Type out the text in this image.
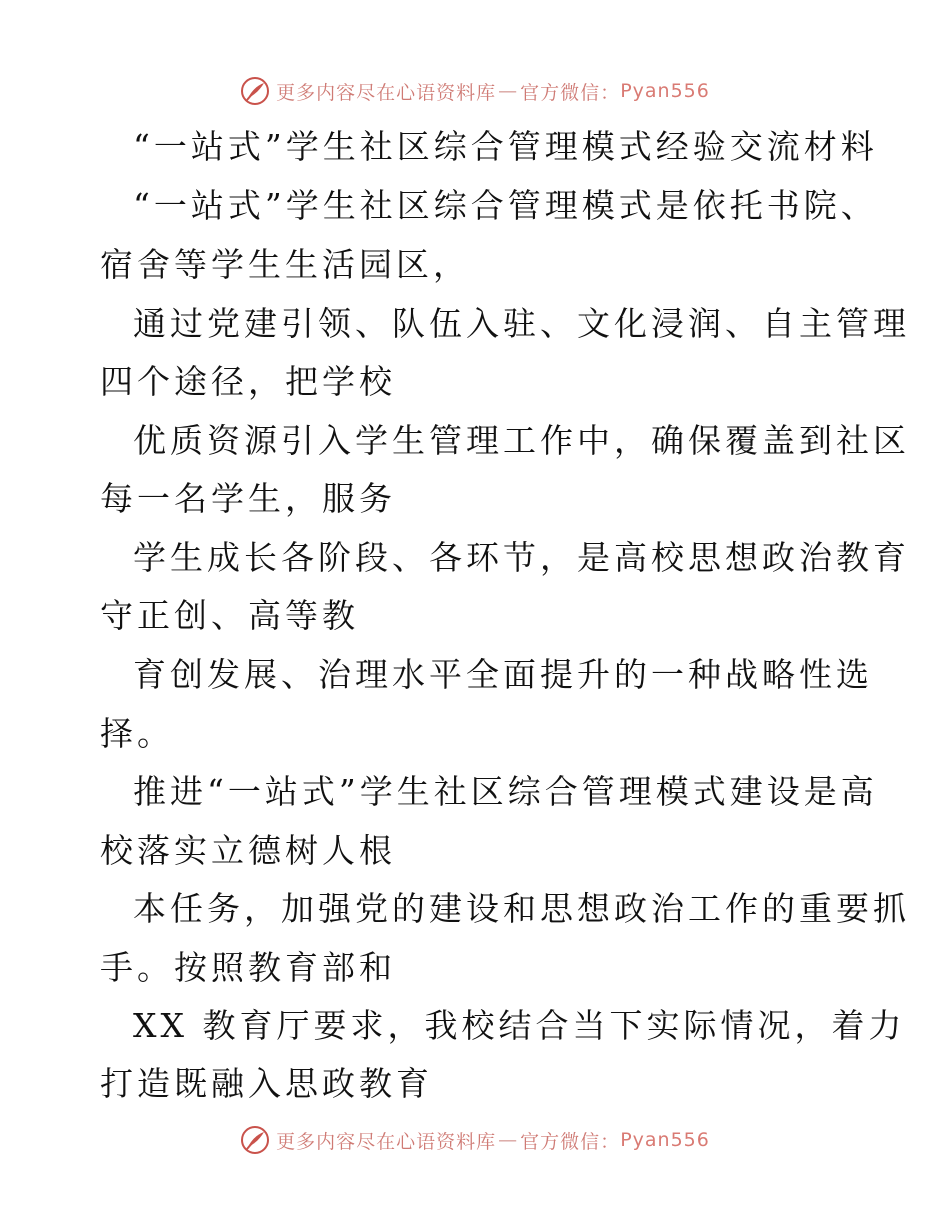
更多内容尽在心语资料库 — 官方微信： Pyan556
“一站式”学生社区综合管理模式经验交流材料
“一站式”学生社区综合管理模式是依托书院、
宿舍等学生生活园区，
通过党建引领、队伍入驻、文化浸润、自主管理
四个途径，把学校
优质资源引入学生管理工作中，确保覆盖到社区
每一名学生，服务
学生成长各阶段、各环节，是高校思想政治教育
守正创、高等教
育创发展、治理水平全面提升的一种战略性选
择。
推进“一站式”学生社区综合管理模式建设是高
校落实立德树人根
本任务，加强党的建设和思想政治工作的重要抓
手。按照教育部和
XX 教育厅要求，我校结合当下实际情况，着力
打造既融入思政教育
更多内容尽在心语资料库 — 官方微信： Pyan556
